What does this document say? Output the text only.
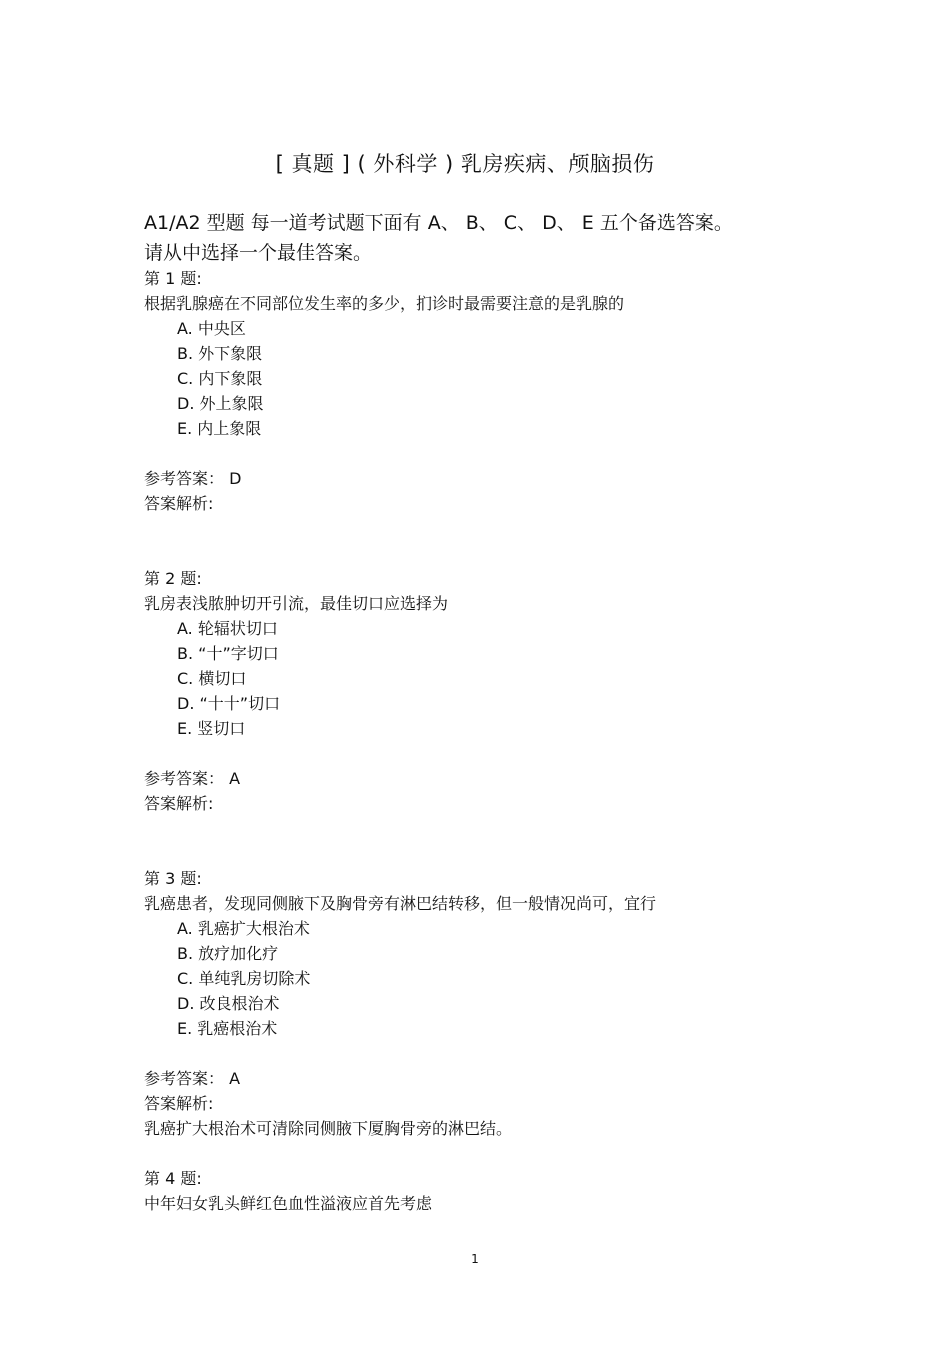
[ 真题 ] ( 外科学 ) 乳房疾病、颅脑损伤
A1/A2 型题 每一道考试题下面有 A、 B、 C、 D、 E 五个备选答案。
请从中选择一个最佳答案。
第 1 题:
根据乳腺癌在不同部位发生率的多少，扪诊时最需要注意的是乳腺的
A. 中央区
B. 外下象限
C. 内下象限
D. 外上象限
E. 内上象限
参考答案： D
答案解析:
第 2 题:
乳房表浅脓肿切开引流，最佳切口应选择为
A. 轮辐状切口
B. “十”字切口
C. 横切口
D. “十十”切口
E. 竖切口
参考答案： A
答案解析:
第 3 题:
乳癌患者，发现同侧腋下及胸骨旁有淋巴结转移，但一般情况尚可，宜行
A. 乳癌扩大根治术
B. 放疗加化疗
C. 单纯乳房切除术
D. 改良根治术
E. 乳癌根治术
参考答案： A
答案解析:
乳癌扩大根治术可清除同侧腋下厦胸骨旁的淋巴结。
第 4 题:
中年妇女乳头鲜红色血性溢液应首先考虑
1
